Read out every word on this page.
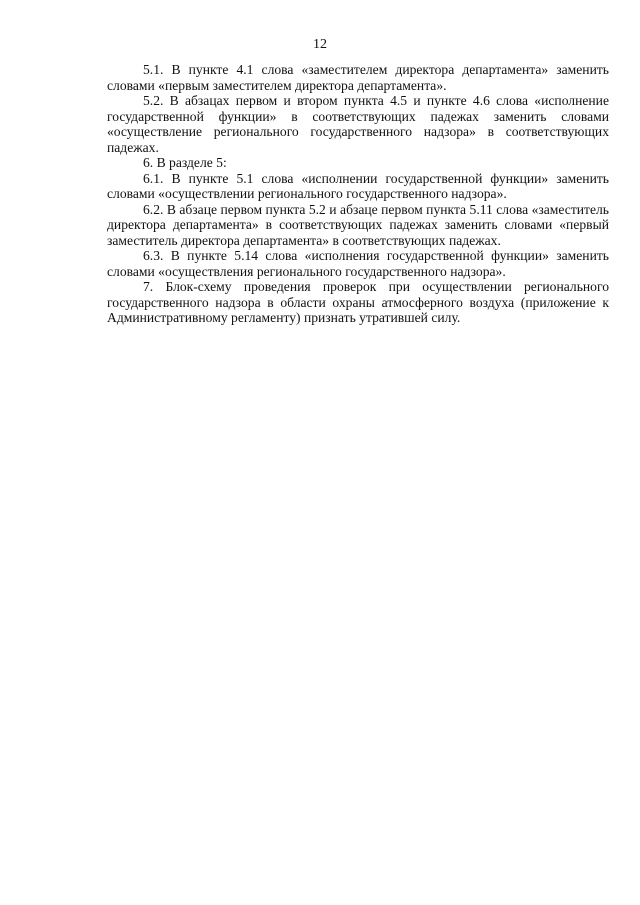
12

5.1. В пункте 4.1 слова «заместителем директора департамента» заменить словами «первым заместителем директора департамента».

5.2. В абзацах первом и втором пункта 4.5 и пункте 4.6 слова «исполнение государственной функции» в соответствующих падежах заменить словами «осуществление регионального государственного надзора» в соответствующих падежах.

6. В разделе 5:

6.1. В пункте 5.1 слова «исполнении государственной функции» заменить словами «осуществлении регионального государственного надзора».

6.2. В абзаце первом пункта 5.2 и абзаце первом пункта 5.11 слова «заместитель директора департамента» в соответствующих падежах заменить словами «первый заместитель директора департамента» в соответствующих падежах.

6.3. В пункте 5.14 слова «исполнения государственной функции» заменить словами «осуществления регионального государственного надзора».

7. Блок-схему проведения проверок при осуществлении регионального государственного надзора в области охраны атмосферного воздуха (приложение к Административному регламенту) признать утратившей силу.
